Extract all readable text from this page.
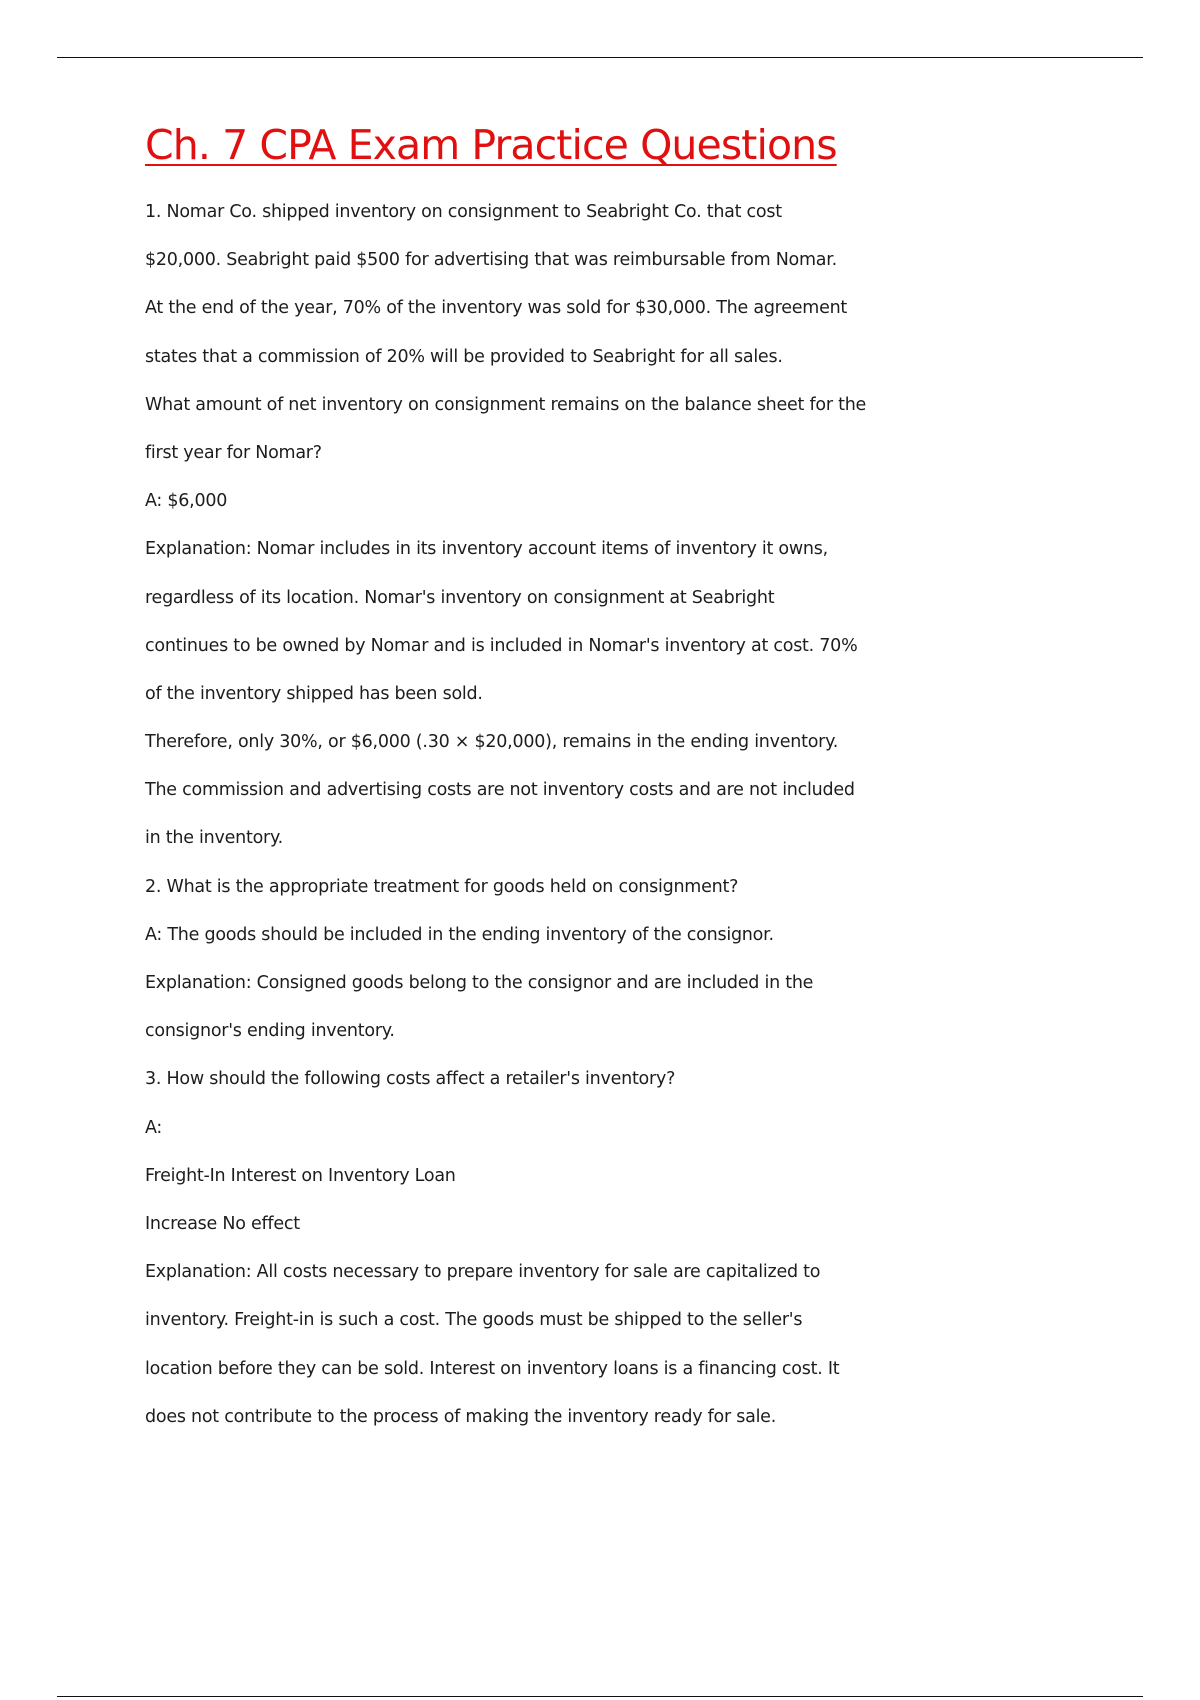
Ch. 7 CPA Exam Practice Questions
1. Nomar Co. shipped inventory on consignment to Seabright Co. that cost
$20,000. Seabright paid $500 for advertising that was reimbursable from Nomar.
At the end of the year, 70% of the inventory was sold for $30,000. The agreement
states that a commission of 20% will be provided to Seabright for all sales.
What amount of net inventory on consignment remains on the balance sheet for the
first year for Nomar?
A: $6,000
Explanation: Nomar includes in its inventory account items of inventory it owns,
regardless of its location. Nomar's inventory on consignment at Seabright
continues to be owned by Nomar and is included in Nomar's inventory at cost. 70%
of the inventory shipped has been sold.
Therefore, only 30%, or $6,000 (.30 × $20,000), remains in the ending inventory.
The commission and advertising costs are not inventory costs and are not included
in the inventory.
2. What is the appropriate treatment for goods held on consignment?
A: The goods should be included in the ending inventory of the consignor.
Explanation: Consigned goods belong to the consignor and are included in the
consignor's ending inventory.
3. How should the following costs affect a retailer's inventory?
A:
Freight-In Interest on Inventory Loan
Increase No effect
Explanation: All costs necessary to prepare inventory for sale are capitalized to
inventory. Freight-in is such a cost. The goods must be shipped to the seller's
location before they can be sold. Interest on inventory loans is a financing cost. It
does not contribute to the process of making the inventory ready for sale.
